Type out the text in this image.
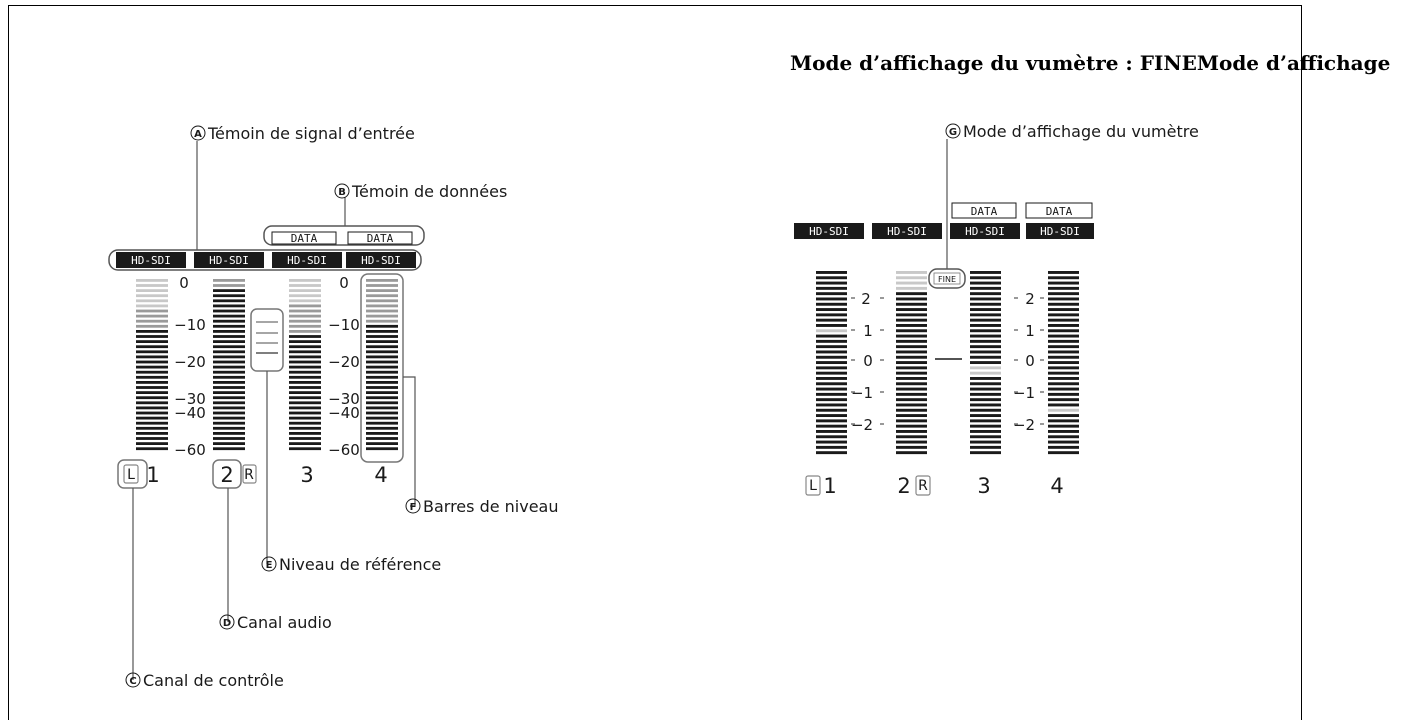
Mode d’affichage du vumètre : FINEMode d’affichage
HD-SDI	HD-SDI	HD-SDI	HD-SDI
DATA	DATA
0
−10
−20
−30
−40
−60
0
−10
−20
−30
−40
−60
L 1	2 R 3	4
A Témoin de signal d’entrée
B Témoin de données
F Barres de niveau
E Niveau de référence
D Canal audio
C Canal de contrôle
DATA	DATA
HD-SDI	HD-SDI	HD-SDI	HD-SDI
FINE
2
1
0
−1
−2
2
1
0
−1
−2
L 1	2 R 3	4
G Mode d’affichage du vumètre
